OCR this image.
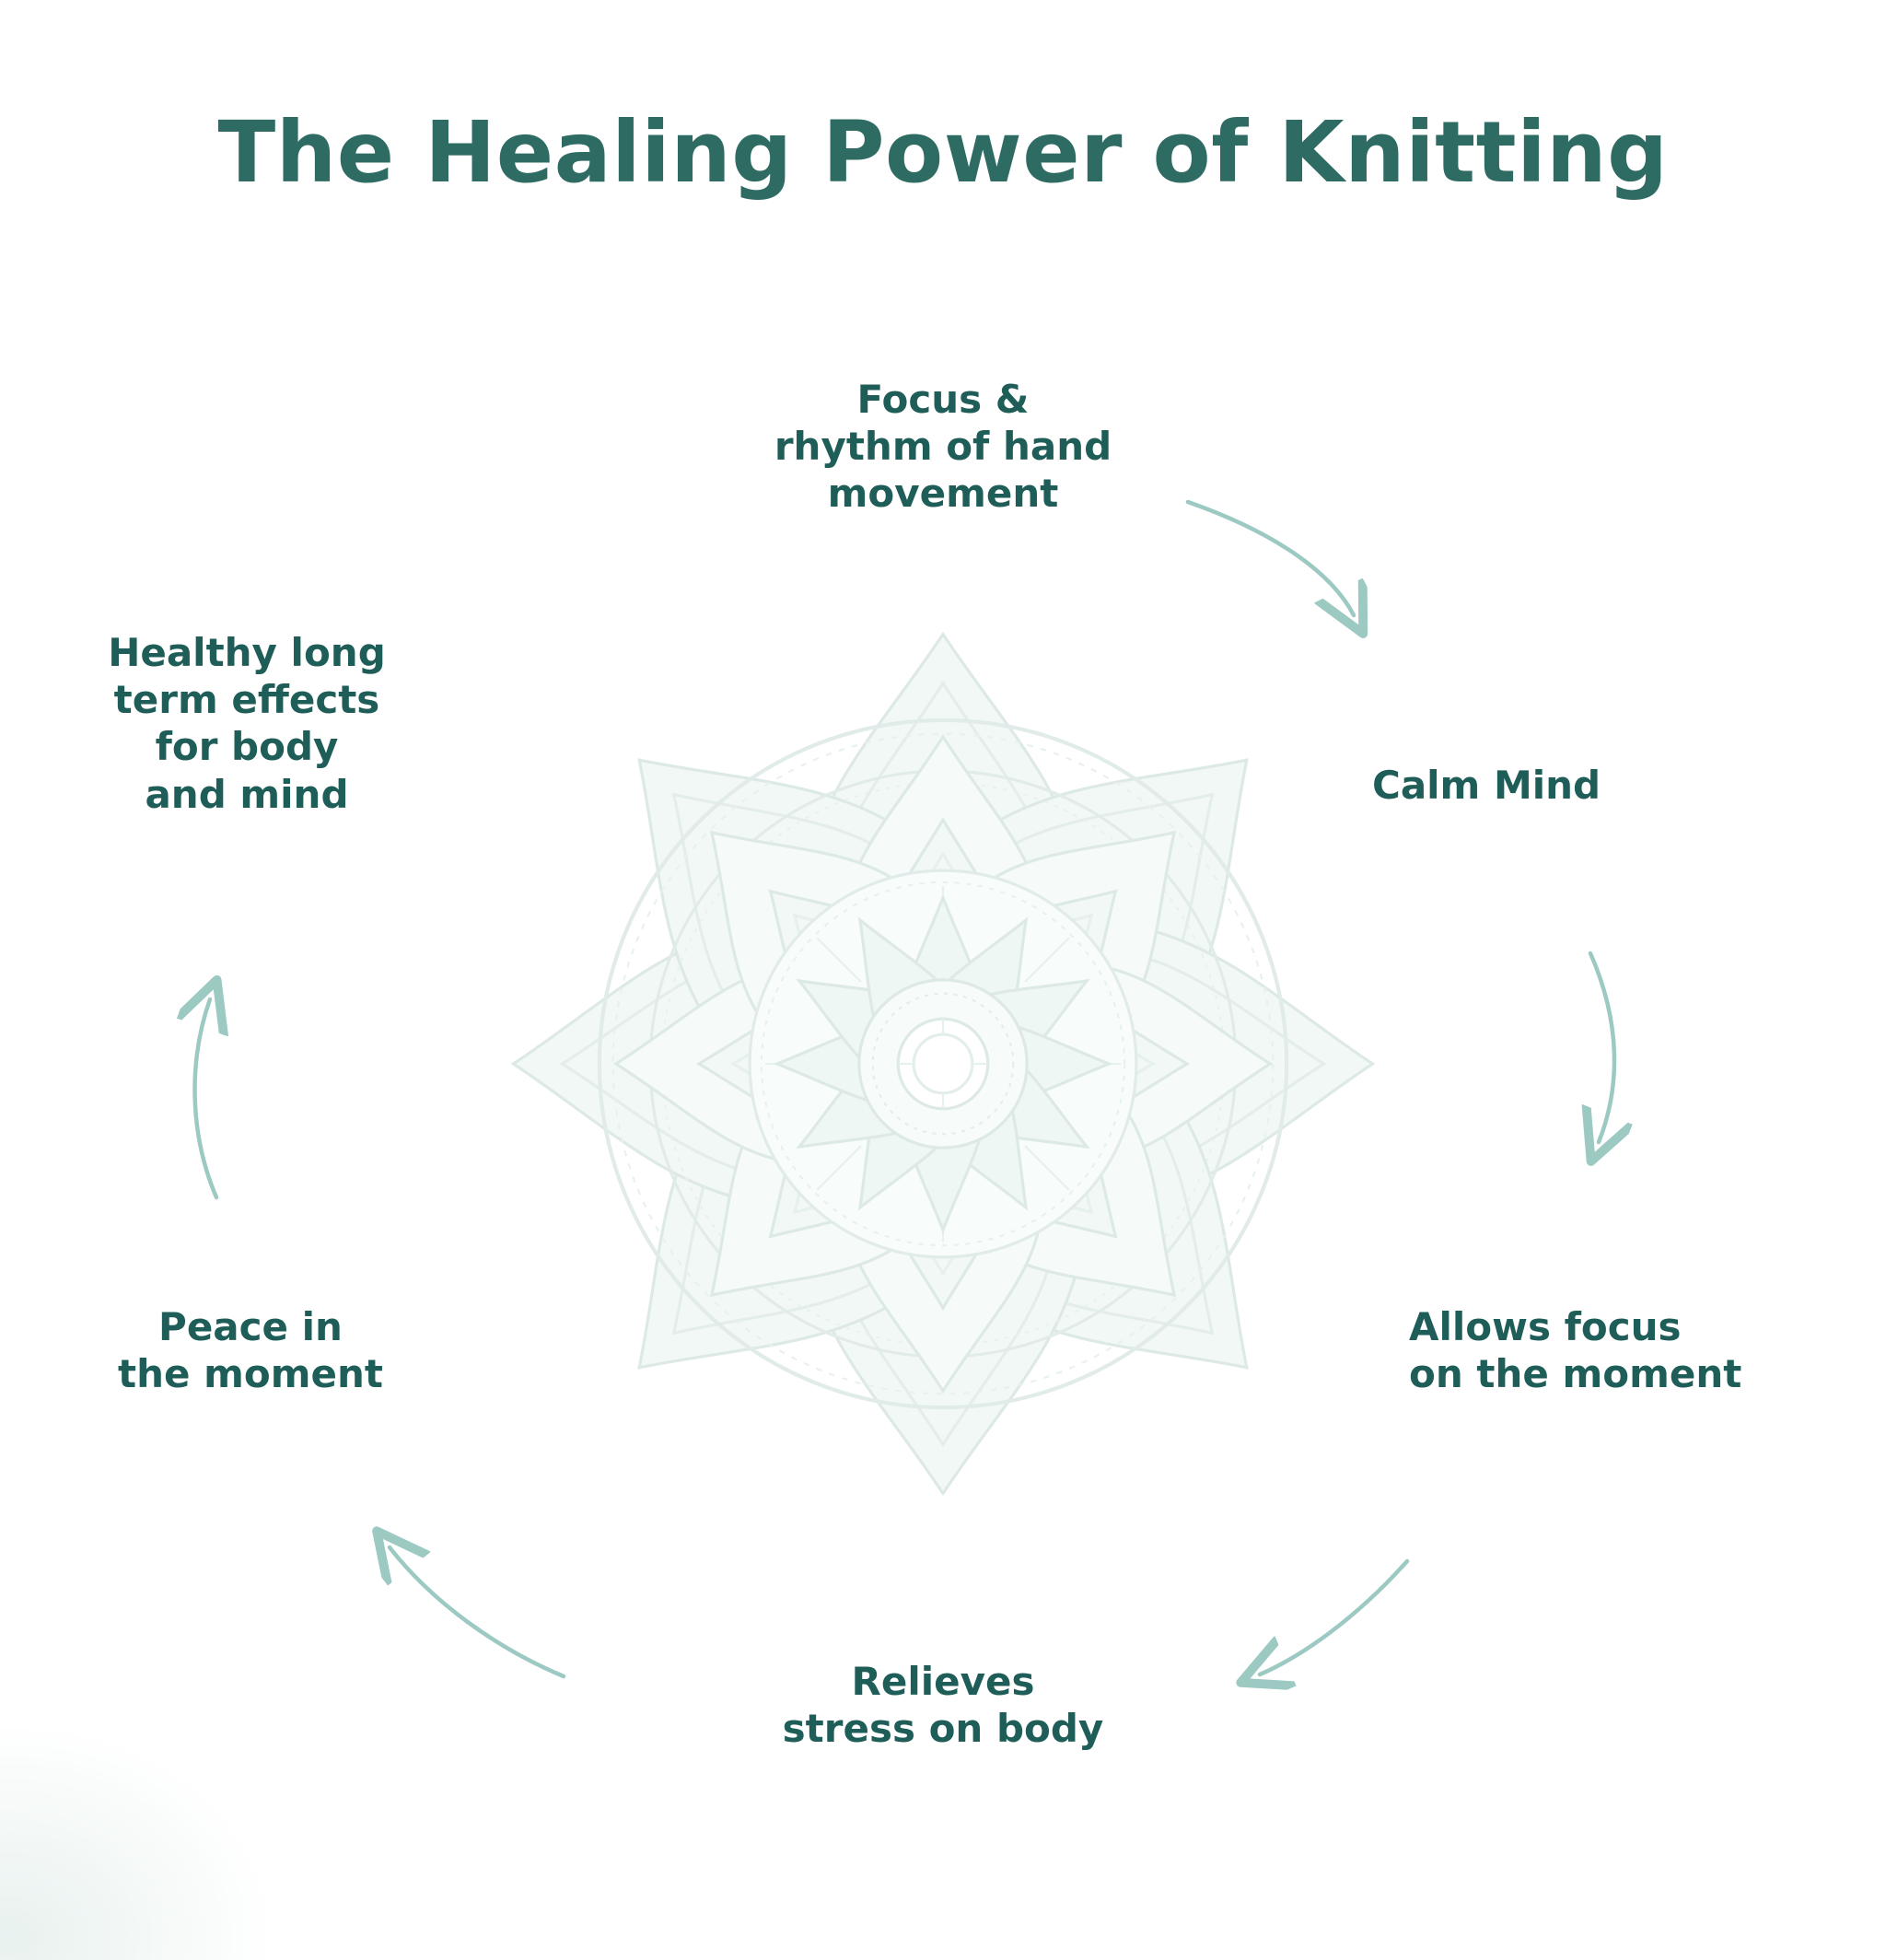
The Healing Power of Knitting
Focus &
rhythm of hand
movement
Calm Mind
Allows focus
on the moment
Relieves
stress on body
Peace in
the moment
Healthy long
term effects
for body
and mind
